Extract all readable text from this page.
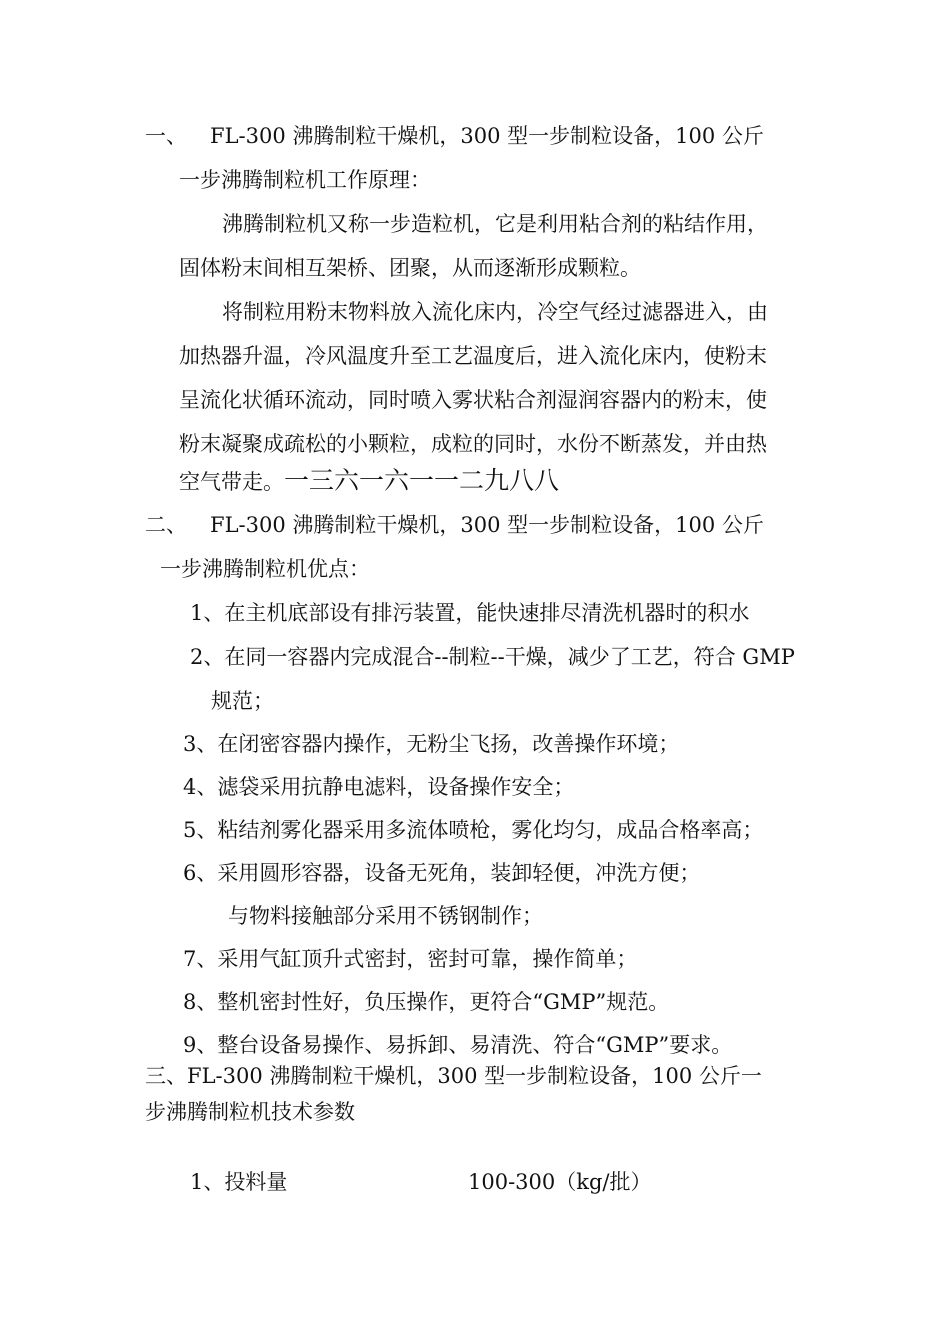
一、 FL-300 沸腾制粒干燥机，300 型一步制粒设备，100 公斤
一步沸腾制粒机工作原理：
沸腾制粒机又称一步造粒机，它是利用粘合剂的粘结作用，
固体粉末间相互架桥、团聚，从而逐渐形成颗粒。
将制粒用粉末物料放入流化床内，冷空气经过滤器进入，由
加热器升温，冷风温度升至工艺温度后，进入流化床内，使粉末
呈流化状循环流动，同时喷入雾状粘合剂湿润容器内的粉末，使
粉末凝聚成疏松的小颗粒，成粒的同时，水份不断蒸发，并由热
空气带走。一三六一六一一二九八八
二、 FL-300 沸腾制粒干燥机，300 型一步制粒设备，100 公斤
一步沸腾制粒机优点：
1、在主机底部设有排污装置，能快速排尽清洗机器时的积水
2、在同一容器内完成混合--制粒--干燥，减少了工艺，符合 GMP
规范；
3、在闭密容器内操作，无粉尘飞扬，改善操作环境；
4、滤袋采用抗静电滤料，设备操作安全；
5、粘结剂雾化器采用多流体喷枪，雾化均匀，成品合格率高；
6、采用圆形容器，设备无死角，装卸轻便，冲洗方便；
与物料接触部分采用不锈钢制作；
7、采用气缸顶升式密封，密封可靠，操作简单；
8、整机密封性好，负压操作，更符合“GMP”规范。
9、整台设备易操作、易拆卸、易清洗、符合“GMP”要求。
三、FL-300 沸腾制粒干燥机，300 型一步制粒设备，100 公斤一
步沸腾制粒机技术参数
1、投料量	100-300（kg/批）
